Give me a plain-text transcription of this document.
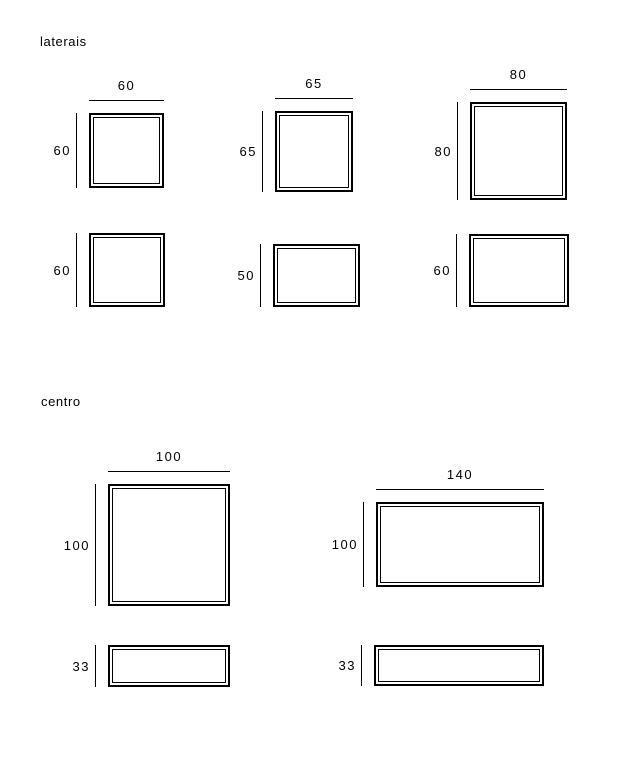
laterais
60
60
65
65
80
80
60	50	60
centro
100
100
140
100
33	33
